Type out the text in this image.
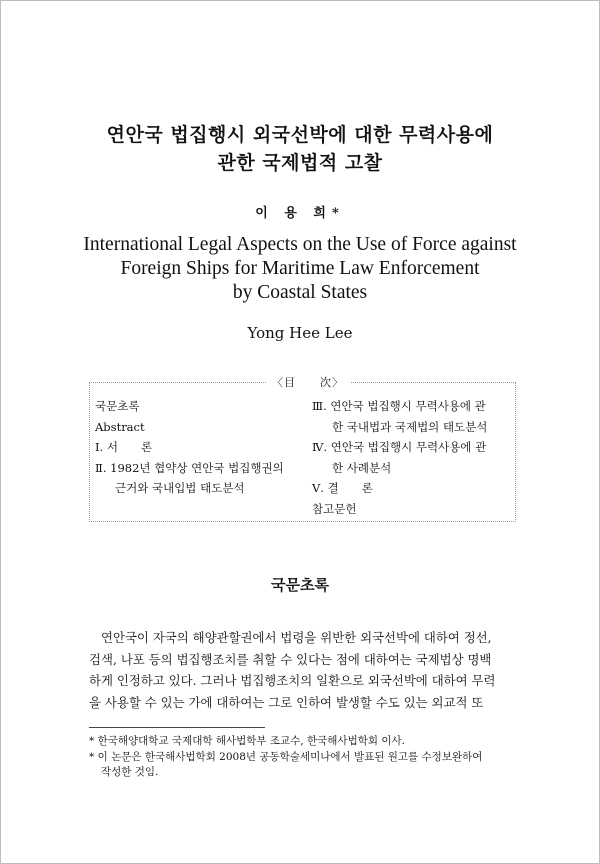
연안국 법집행시 외국선박에 대한 무력사용에
관한 국제법적 고찰
이 용 희*
International Legal Aspects on the Use of Force against
Foreign Ships for Maritime Law Enforcement
by Coastal States
Yong Hee Lee
〈目　　次〉
국문초록
Abstract
Ⅰ. 서　　론
Ⅱ. 1982년 협약상 연안국 법집행권의
근거와 국내입법 태도분석
Ⅲ. 연안국 법집행시 무력사용에 관
한 국내법과 국제법의 태도분석
Ⅳ. 연안국 법집행시 무력사용에 관
한 사례분석
Ⅴ. 결　　론
참고문헌
국문초록
연안국이 자국의 해양관할권에서 법령을 위반한 외국선박에 대하여 정선,
검색, 나포 등의 법집행조치를 취할 수 있다는 점에 대하여는 국제법상 명백
하게 인정하고 있다. 그러나 법집행조치의 일환으로 외국선박에 대하여 무력
을 사용할 수 있는 가에 대하여는 그로 인하여 발생할 수도 있는 외교적 또
* 한국해양대학교 국제대학 해사법학부 조교수, 한국해사법학회 이사.
* 이 논문은 한국해사법학회 2008년 공동학술세미나에서 발표된 원고를 수정보완하여
작성한 것임.
